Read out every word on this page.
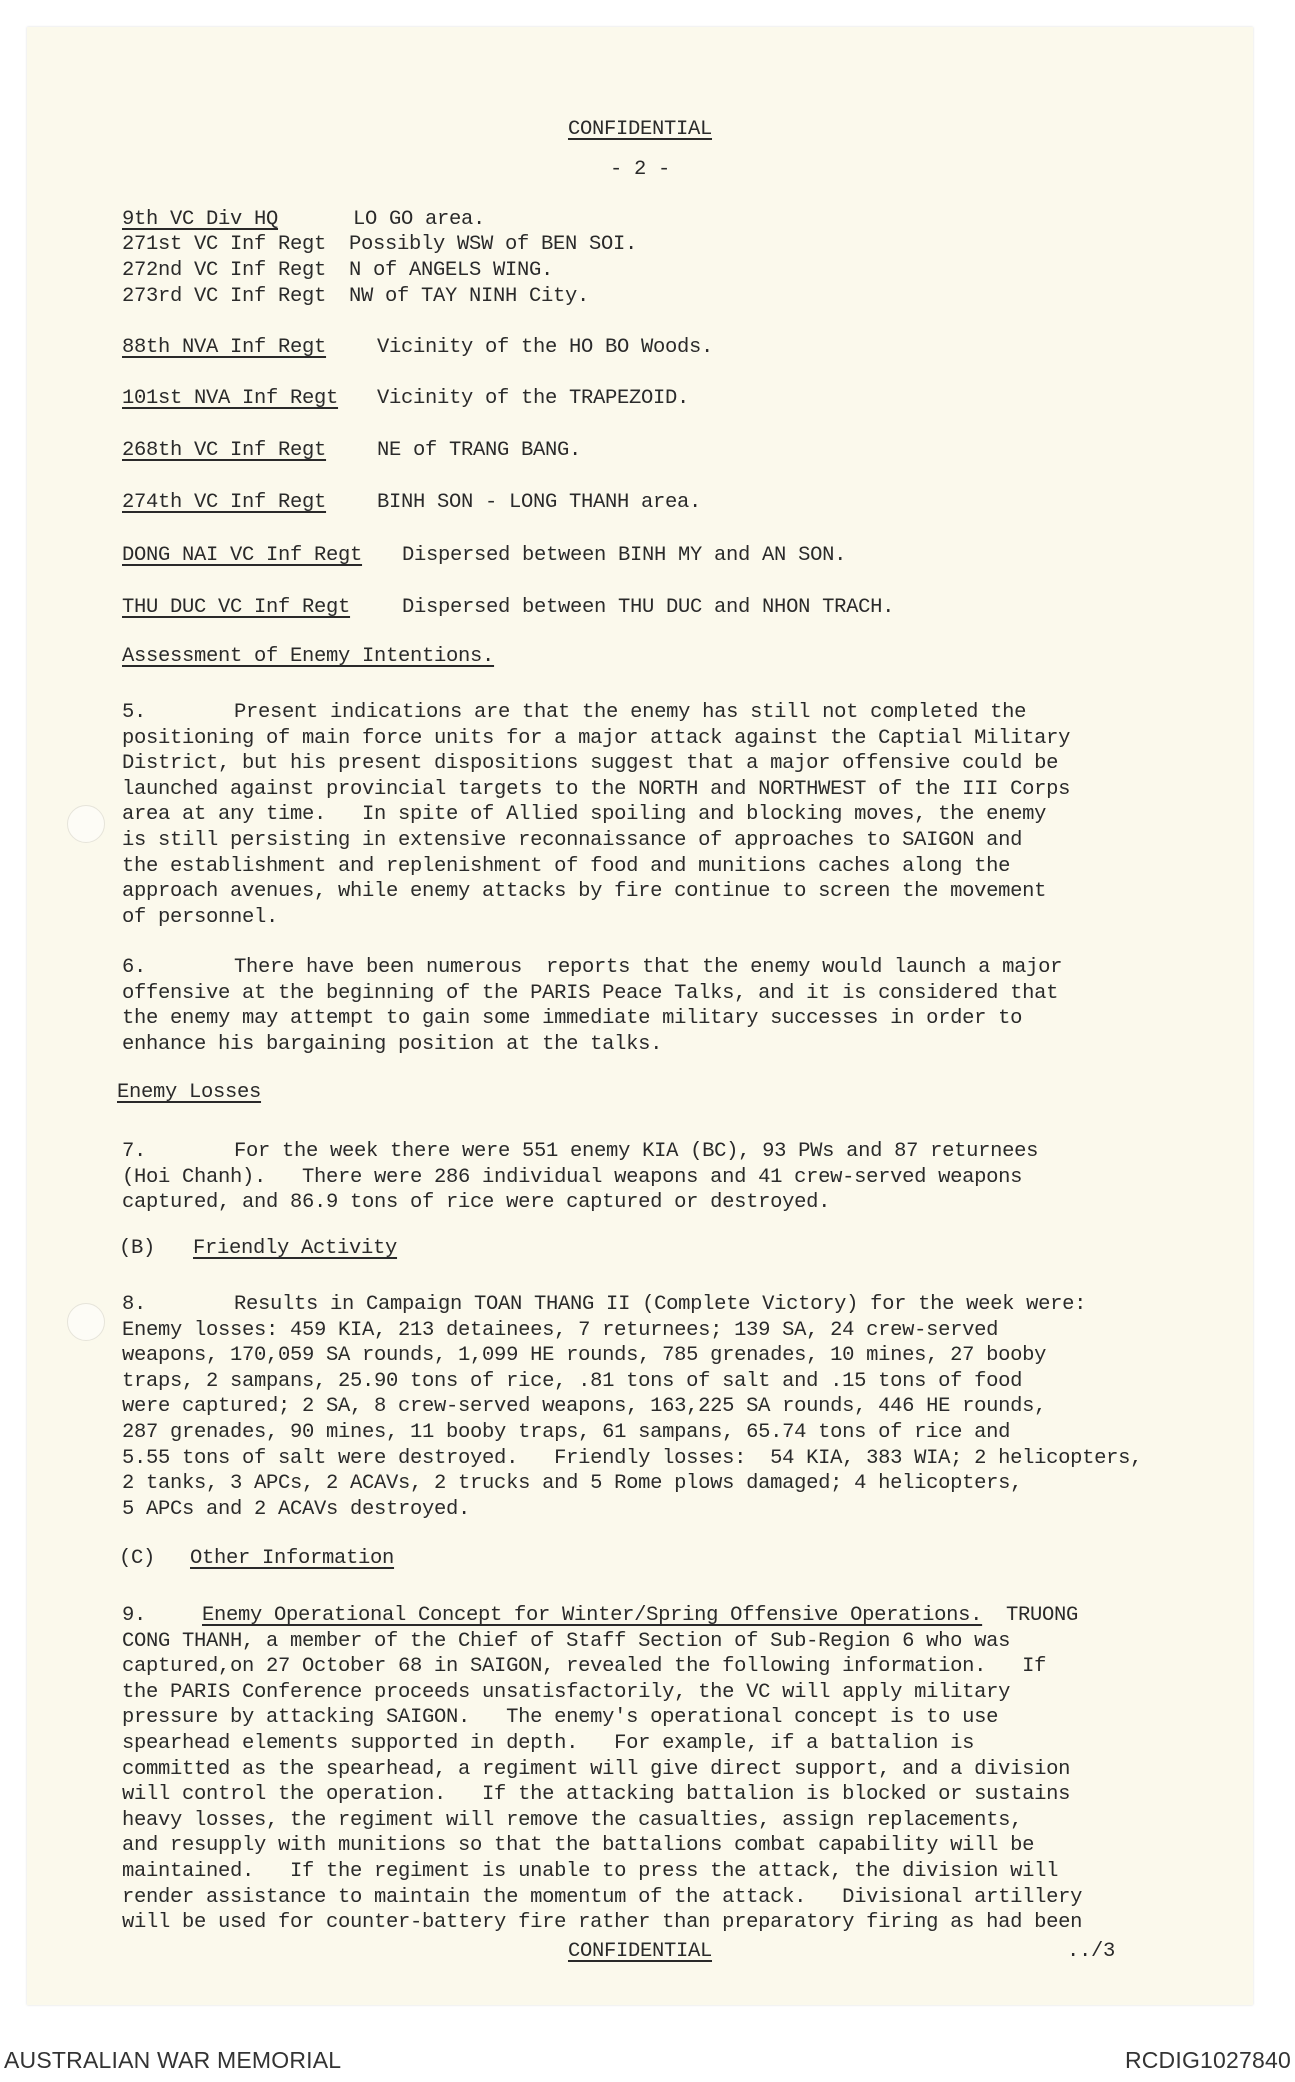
CONFIDENTIAL
- 2 -
9th VC Div HQ	LO GO area.
271st VC Inf Regt Possibly WSW of BEN SOI.
272nd VC Inf Regt N of ANGELS WING.
273rd VC Inf Regt NW of TAY NINH City.
88th NVA Inf Regt Vicinity of the HO BO Woods.
101st NVA Inf Regt Vicinity of the TRAPEZOID.
268th VC Inf Regt NE of TRANG BANG.
274th VC Inf Regt BINH SON - LONG THANH area.
DONG NAI VC Inf Regt Dispersed between BINH MY and AN SON.
THU DUC VC Inf Regt	Dispersed between THU DUC and NHON TRACH.
Assessment of Enemy Intentions.
5.	Present indications are that the enemy has still not completed the
positioning of main force units for a major attack against the Captial Military
District, but his present dispositions suggest that a major offensive could be
launched against provincial targets to the NORTH and NORTHWEST of the III Corps
area at any time.   In spite of Allied spoiling and blocking moves, the enemy
is still persisting in extensive reconnaissance of approaches to SAIGON and
the establishment and replenishment of food and munitions caches along the
approach avenues, while enemy attacks by fire continue to screen the movement
of personnel.
6.	There have been numerous  reports that the enemy would launch a major
offensive at the beginning of the PARIS Peace Talks, and it is considered that
the enemy may attempt to gain some immediate military successes in order to
enhance his bargaining position at the talks.
Enemy Losses
7.	For the week there were 551 enemy KIA (BC), 93 PWs and 87 returnees
(Hoi Chanh).   There were 286 individual weapons and 41 crew-served weapons
captured, and 86.9 tons of rice were captured or destroyed.
(B) Friendly Activity
8.	Results in Campaign TOAN THANG II (Complete Victory) for the week were:
Enemy losses: 459 KIA, 213 detainees, 7 returnees; 139 SA, 24 crew-served
weapons, 170,059 SA rounds, 1,099 HE rounds, 785 grenades, 10 mines, 27 booby
traps, 2 sampans, 25.90 tons of rice, .81 tons of salt and .15 tons of food
were captured; 2 SA, 8 crew-served weapons, 163,225 SA rounds, 446 HE rounds,
287 grenades, 90 mines, 11 booby traps, 61 sampans, 65.74 tons of rice and
5.55 tons of salt were destroyed.   Friendly losses:  54 KIA, 383 WIA; 2 helicopters,
2 tanks, 3 APCs, 2 ACAVs, 2 trucks and 5 Rome plows damaged; 4 helicopters,
5 APCs and 2 ACAVs destroyed.
(C) Other Information
9.	Enemy Operational Concept for Winter/Spring Offensive Operations. TRUONG
CONG THANH, a member of the Chief of Staff Section of Sub-Region 6 who was
captured,on 27 October 68 in SAIGON, revealed the following information.   If
the PARIS Conference proceeds unsatisfactorily, the VC will apply military
pressure by attacking SAIGON.   The enemy's operational concept is to use
spearhead elements supported in depth.   For example, if a battalion is
committed as the spearhead, a regiment will give direct support, and a division
will control the operation.   If the attacking battalion is blocked or sustains
heavy losses, the regiment will remove the casualties, assign replacements,
and resupply with munitions so that the battalions combat capability will be
maintained.   If the regiment is unable to press the attack, the division will
render assistance to maintain the momentum of the attack.   Divisional artillery
will be used for counter-battery fire rather than preparatory firing as had been
CONFIDENTIAL	../3
AUSTRALIAN WAR MEMORIAL	RCDIG1027840
